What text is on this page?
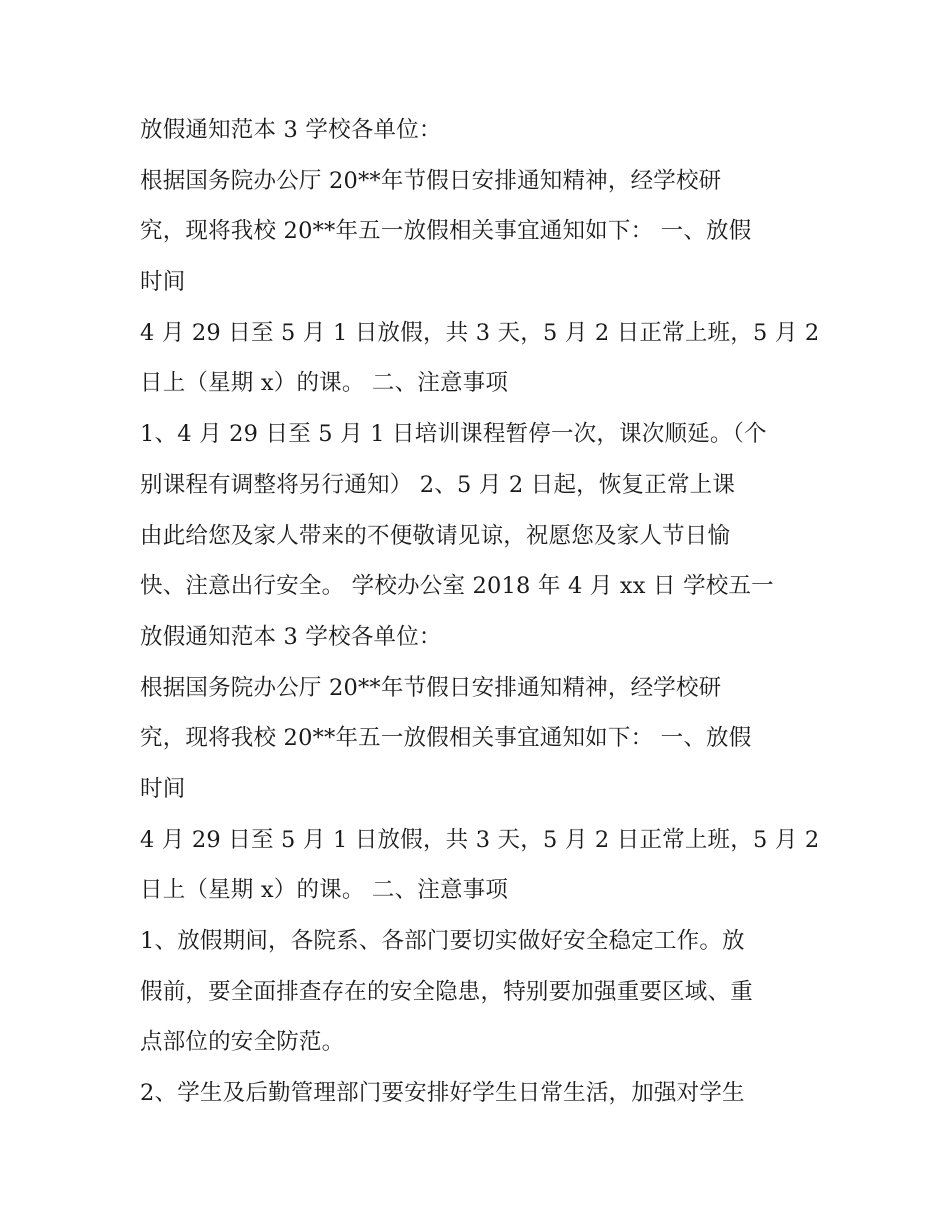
放假通知范本 3 学校各单位：

根据国务院办公厅 20**年节假日安排通知精神，经学校研

究，现将我校 20**年五一放假相关事宜通知如下： 一、放假

时间

4 月 29 日至 5 月 1 日放假，共 3 天，5 月 2 日正常上班，5 月 2

日上（星期 x）的课。 二、注意事项

1、4 月 29 日至 5 月 1 日培训课程暂停一次，课次顺延。（个

别课程有调整将另行通知） 2、5 月 2 日起，恢复正常上课

由此给您及家人带来的不便敬请见谅，祝愿您及家人节日愉

快、注意出行安全。 学校办公室 2018 年 4 月 xx 日 学校五一

放假通知范本 3 学校各单位：

根据国务院办公厅 20**年节假日安排通知精神，经学校研

究，现将我校 20**年五一放假相关事宜通知如下： 一、放假

时间

4 月 29 日至 5 月 1 日放假，共 3 天，5 月 2 日正常上班，5 月 2

日上（星期 x）的课。 二、注意事项

1、放假期间，各院系、各部门要切实做好安全稳定工作。放

假前，要全面排查存在的安全隐患，特别要加强重要区域、重

点部位的安全防范。

2、学生及后勤管理部门要安排好学生日常生活，加强对学生
